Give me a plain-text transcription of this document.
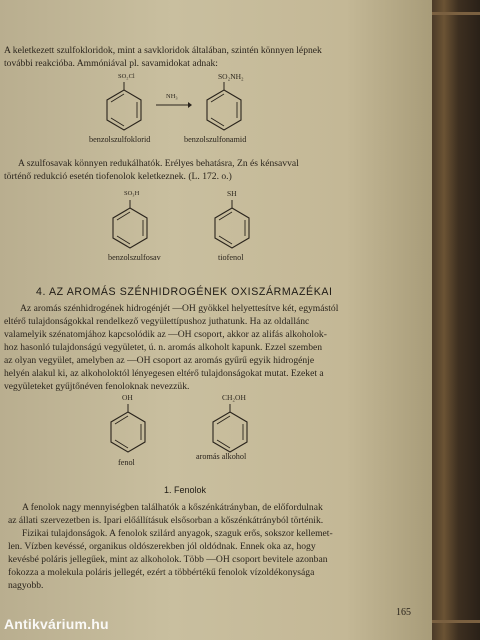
A keletkezett szulfokloridok, mint a savkloridok általában, szintén könnyen lépnek
további reakcióba. Ammóniával pl. savamidokat adnak:
SO₂Cl
NH₃
SO₂NH₂
benzolszulfoklorid	benzolszulfonamid
A szulfosavak könnyen redukálhatók. Erélyes behatásra, Zn és kénsavval
történő redukció esetén tiofenolok keletkeznek. (L. 172. o.)
SO₃H	SH
benzolszulfosav	tiofenol
4. AZ AROMÁS SZÉNHIDROGÉNEK OXISZÁRMAZÉKAI
Az aromás szénhidrogének hidrogénjét —OH gyökkel helyettesítve két, egymástól
eltérő tulajdonságokkal rendelkező vegyülettípushoz juthatunk. Ha az oldallánc
valamelyik szénatomjához kapcsolódik az —OH csoport, akkor az alifás alkoholok-
hoz hasonló tulajdonságú vegyületet, ú. n. aromás alkoholt kapunk. Ezzel szemben
az olyan vegyület, amelyben az —OH csoport az aromás gyűrű egyik hidrogénje
helyén alakul ki, az alkoholoktól lényegesen eltérő tulajdonságokat mutat. Ezeket a
vegyületeket gyűjtőnéven fenoloknak nevezzük.
OH	CH₂OH
fenol
aromás alkohol
1. Fenolok
A fenolok nagy mennyiségben találhatók a kőszénkátrányban, de előfordulnak
az állati szervezetben is. Ipari előállításuk elsősorban a kőszénkátrányból történik.
Fizikai tulajdonságok. A fenolok szilárd anyagok, szaguk erős, sokszor kellemet-
len. Vízben kevéssé, organikus oldószerekben jól oldódnak. Ennek oka az, hogy
kevésbé poláris jellegűek, mint az alkoholok. Több —OH csoport bevitele azonban
fokozza a molekula poláris jellegét, ezért a többértékű fenolok vízoldékonysága
nagyobb.
165
Antikvárium.hu
